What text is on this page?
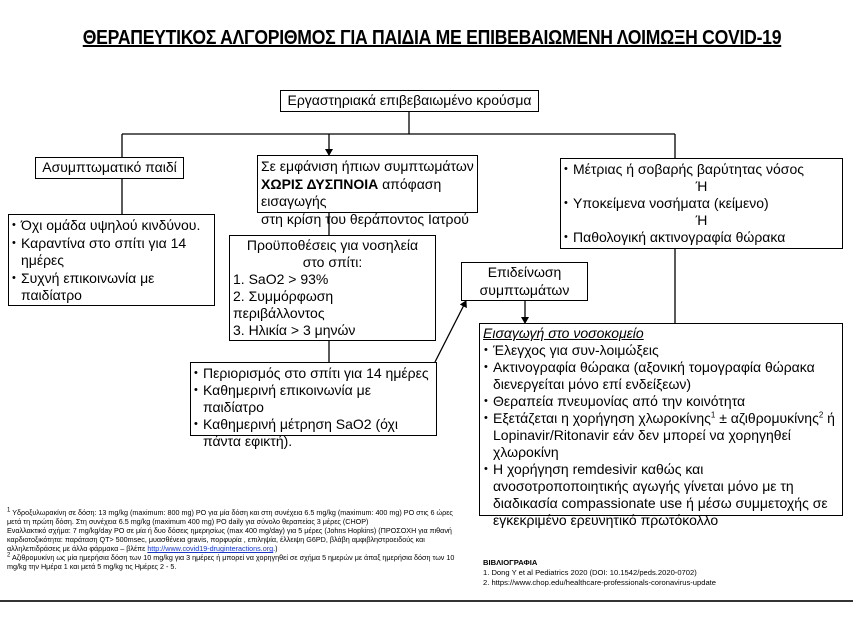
ΘΕΡΑΠΕΥΤΙΚΟΣ ΑΛΓΟΡΙΘΜΟΣ ΓΙΑ ΠΑΙΔΙΑ ΜΕ ΕΠΙΒΕΒΑΙΩΜΕΝΗ ΛΟΙΜΩΞΗ COVID-19
Εργαστηριακά επιβεβαιωμένο κρούσμα
Ασυμπτωματικό παιδί
• Όχι ομάδα υψηλού κινδύνου.
• Καραντίνα στο σπίτι για 14 ημέρες
• Συχνή επικοινωνία με παιδίατρο
Σε εμφάνιση ήπιων συμπτωμάτων
ΧΩΡΙΣ ΔΥΣΠΝΟΙΑ απόφαση εισαγωγής
στη κρίση του θεράποντος Ιατρού
Προϋποθέσεις για νοσηλεία στο σπίτι:
1. SaO2 > 93%
2. Συμμόρφωση περιβάλλοντος
3. Ηλικία > 3 μηνών
• Περιορισμός στο σπίτι για 14 ημέρες
• Καθημερινή επικοινωνία με παιδίατρο
• Καθημερινή μέτρηση SaO2 (όχι πάντα εφικτή).
• Μέτριας ή σοβαρής βαρύτητας νόσος
Ή
• Υποκείμενα νοσήματα (κείμενο)
Ή
• Παθολογική ακτινογραφία θώρακα
Επιδείνωση συμπτωμάτων
Εισαγωγή στο νοσοκομείο
• Έλεγχος για συν-λοιμώξεις
• Ακτινογραφία θώρακα (αξονική τομογραφία θώρακα διενεργείται μόνο επί ενδείξεων)
• Θεραπεία πνευμονίας από την κοινότητα
• Εξετάζεται η χορήγηση χλωροκίνης$^1$ ± αζιθρομυκίνης$^2$ ή Lopinavir/Ritonavir εάν δεν μπορεί να χορηγηθεί χλωροκίνη
• Η χορήγηση remdesivir καθώς και ανοσοτροποποιητικής αγωγής γίνεται μόνο με τη διαδικασία compassionate use ή μέσω συμμετοχής σε εγκεκριμένο ερευνητικό πρωτόκολλο
$^1$ Υδροξυλωρακίνη σε δόση: 13 mg/kg (maximum: 800 mg) PO για μία δόση και στη συνέχεια 6.5 mg/kg (maximum: 400 mg) PO στις 6 ώρες μετά τη πρώτη δόση. Στη συνέχεια 6.5 mg/kg (maximum 400 mg) PO daily για σύνολο θεραπείας 3 μέρες (CHOP)
Εναλλακτικό σχήμα: 7 mg/kg/day PO σε μία ή δυο δόσεις ημερησίως (max 400 mg/day) για 5 μέρες (Johns Hopkins) (ΠΡΟΣΟΧΗ για πιθανή καρδιοτοξικότητα: παράταση QT> 500msec, μυασθένεια gravis, πορφυρία , επιληψία, έλλειψη G6PD, βλάβη αμφιβληστροειδούς και αλληλεπιδράσεις με άλλα φάρμακα – βλέπε http://www.covid19-druginteractions.org.)
$^2$ Αζιθρομυκίνη ως μία ημερήσια δόση των 10 mg/kg για 3 ημέρες ή μπορεί να χορηγηθεί σε σχήμα 5 ημερών με άπαξ ημερήσια δόση των 10 mg/kg την Ημέρα 1 και μετά 5 mg/kg τις Ημέρες 2 - 5.	ΒΙΒΛΙΟΓΡΑΦΙΑ
1. Dong Y et al Pediatrics 2020 (DOI: 10.1542/peds.2020-0702)
2. https://www.chop.edu/healthcare-professionals-coronavirus-update
